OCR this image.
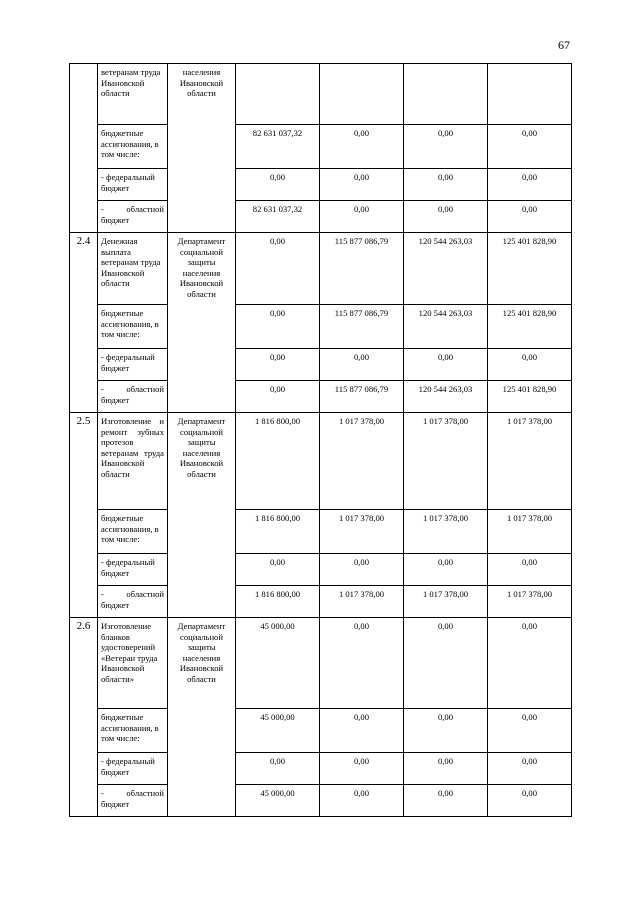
67
	ветеранам труда Ивановской области	населения Ивановской области				
	бюджетные ассигнования, в том числе:		82 631 037,32	0,00	0,00	0,00
	- федеральный бюджет		0,00	0,00	0,00	0,00
	- областной бюджет		82 631 037,32	0,00	0,00	0,00
2.4	Денежная выплата ветеранам труда Ивановской области	Департамент социальной защиты населения Ивановской области	0,00	115 877 086,79	120 544 263,03	125 401 828,90
	бюджетные ассигнования, в том числе:		0,00	115 877 086,79	120 544 263,03	125 401 828,90
	- федеральный бюджет		0,00	0,00	0,00	0,00
	- областной бюджет		0,00	115 877 086,79	120 544 263,03	125 401 828,90
2.5	Изготовление и ремонт зубных протезов ветеранам труда Ивановской области	Департамент социальной защиты населения Ивановской области	1 816 800,00	1 017 378,00	1 017 378,00	1 017 378,00
	бюджетные ассигнования, в том числе:		1 816 800,00	1 017 378,00	1 017 378,00	1 017 378,00
	- федеральный бюджет		0,00	0,00	0,00	0,00
	- областной бюджет		1 816 800,00	1 017 378,00	1 017 378,00	1 017 378,00
2.6	Изготовление бланков удостоверений «Ветеран труда Ивановской области»	Департамент социальной защиты населения Ивановской области	45 000,00	0,00	0,00	0,00
	бюджетные ассигнования, в том числе:		45 000,00	0,00	0,00	0,00
	- федеральный бюджет		0,00	0,00	0,00	0,00
	- областной бюджет		45 000,00	0,00	0,00	0,00
